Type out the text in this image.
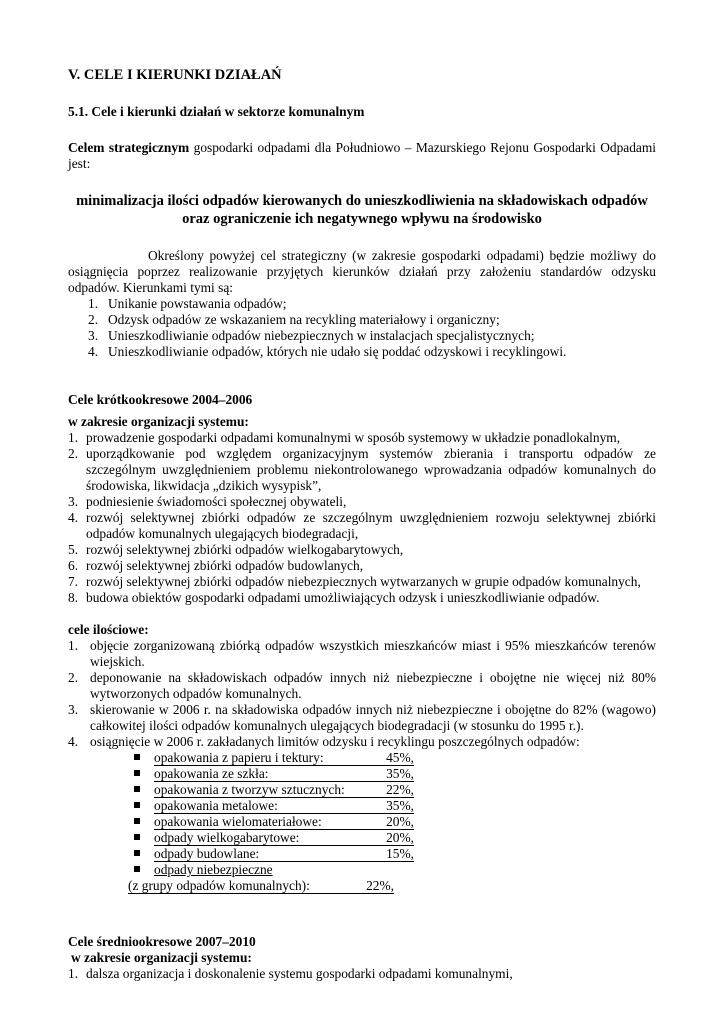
V. CELE I KIERUNKI DZIAŁAŃ
5.1. Cele i kierunki działań w sektorze komunalnym

Celem strategicznym gospodarki odpadami dla Południowo – Mazurskiego Rejonu Gospodarki Odpadami jest:

minimalizacja ilości odpadów kierowanych do unieszkodliwienia na składowiskach odpadów oraz ograniczenie ich negatywnego wpływu na środowisko

Określony powyżej cel strategiczny (w zakresie gospodarki odpadami) będzie możliwy do osiągnięcia poprzez realizowanie przyjętych kierunków działań przy założeniu standardów odzysku odpadów. Kierunkami tymi są:

1. Unikanie powstawania odpadów;
2. Odzysk odpadów ze wskazaniem na recykling materiałowy i organiczny;
3. Unieszkodliwianie odpadów niebezpiecznych w instalacjach specjalistycznych;
4. Unieszkodliwianie odpadów, których nie udało się poddać odzyskowi i recyklingowi.
Cele krótkookresowe 2004–2006
w zakresie organizacji systemu:
1. prowadzenie gospodarki odpadami komunalnymi w sposób systemowy w układzie ponadlokalnym,
2. uporządkowanie pod względem organizacyjnym systemów zbierania i transportu odpadów ze szczególnym uwzględnieniem problemu niekontrolowanego wprowadzania odpadów komunalnych do środowiska, likwidacja „dzikich wysypisk”,
3. podniesienie świadomości społecznej obywateli,
4. rozwój selektywnej zbiórki odpadów ze szczególnym uwzględnieniem rozwoju selektywnej zbiórki odpadów komunalnych ulegających biodegradacji,
5. rozwój selektywnej zbiórki odpadów wielkogabarytowych,
6. rozwój selektywnej zbiórki odpadów budowlanych,
7. rozwój selektywnej zbiórki odpadów niebezpiecznych wytwarzanych w grupie odpadów komunalnych,
8. budowa obiektów gospodarki odpadami umożliwiających odzysk i unieszkodliwianie odpadów.
cele ilościowe:
1. objęcie zorganizowaną zbiórką odpadów wszystkich mieszkańców miast i 95% mieszkańców terenów wiejskich.
2. deponowanie na składowiskach odpadów innych niż niebezpieczne i obojętne nie więcej niż 80% wytworzonych odpadów komunalnych.
3. skierowanie w 2006 r. na składowiska odpadów innych niż niebezpieczne i obojętne do 82% (wagowo) całkowitej ilości odpadów komunalnych ulegających biodegradacji (w stosunku do 1995 r.).
4. osiągnięcie w 2006 r. zakładanych limitów odzysku i recyklingu poszczególnych odpadów:
opakowania z papieru i tektury:	45%,
opakowania ze szkła:	35%,
opakowania z tworzyw sztucznych:	22%,
opakowania metalowe:	35%,
opakowania wielomateriałowe:	20%,
odpady wielkogabarytowe:	20%,
odpady budowlane:	15%,
odpady niebezpieczne
(z grupy odpadów komunalnych):	22%,
Cele średniookresowe 2007–2010
w zakresie organizacji systemu:
1. dalsza organizacja i doskonalenie systemu gospodarki odpadami komunalnymi,
